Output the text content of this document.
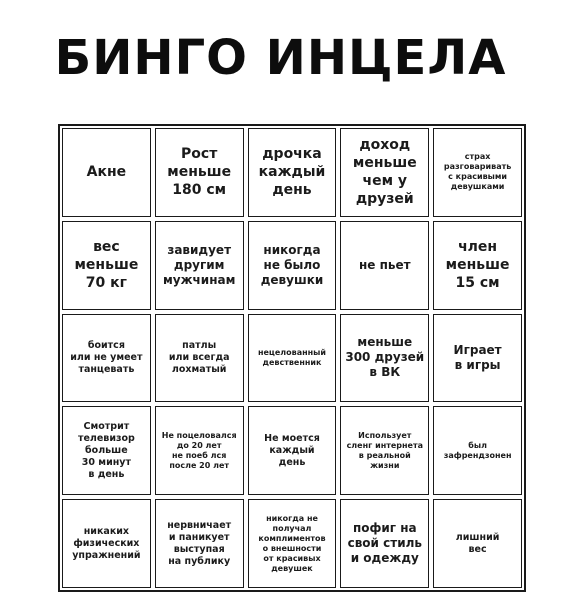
БИНГО ИНЦЕЛА
Акне
Рост
меньше
180 см
дрочка
каждый
день
доход
меньше
чем у
друзей
страх
разговаривать
с красивыми
девушками
вес
меньше
70 кг
завидует
другим
мужчинам
никогда
не было
девушки
не пьет
член
меньше
15 см
боится
или не умеет
танцевать
патлы
или всегда
лохматый
нецелованный
девственник
меньше
300 друзей
в ВК
Играет
в игры
Смотрит
телевизор
больше
30 минут
в день
Не поцеловался
до 20 лет
не поеб лся
после 20 лет
Не моется
каждый
день
Использует
сленг интернета
в реальной
жизни
был
зафрендзонен
никаких
физических
упражнений
нервничает
и паникует
выступая
на публику
никогда не
получал
комплиментов
о внешности
от красивых
девушек
пофиг на
свой стиль
и одежду
лишний
вес
